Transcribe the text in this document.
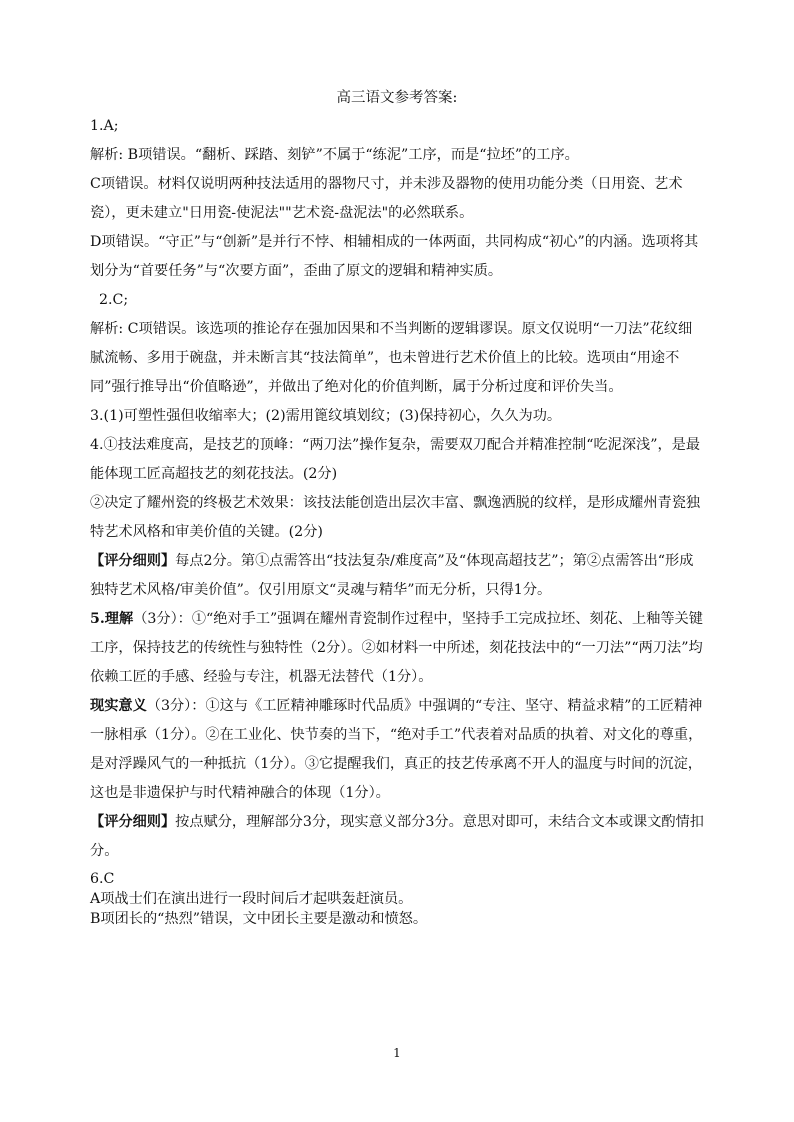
高三语文参考答案:

1.A;

解析: B项错误。“翻析、踩踏、刻铲”不属于“练泥”工序，而是“拉坯”的工序。

C项错误。材料仅说明两种技法适用的器物尺寸，并未涉及器物的使用功能分类（日用瓷、艺术瓷），更未建立"日用瓷-使泥法""艺术瓷-盘泥法"的必然联系。

D项错误。“守正”与“创新”是并行不悖、相辅相成的一体两面，共同构成“初心”的内涵。选项将其划分为“首要任务”与“次要方面”，歪曲了原文的逻辑和精神实质。

2.C;

解析: C项错误。该选项的推论存在强加因果和不当判断的逻辑谬误。原文仅说明“一刀法”花纹细腻流畅、多用于碗盘，并未断言其“技法简单”，也未曾进行艺术价值上的比较。选项由“用途不同”强行推导出“价值略逊”，并做出了绝对化的价值判断，属于分析过度和评价失当。

3.(1)可塑性强但收缩率大；(2)需用篦纹填划纹；(3)保持初心，久久为功。

4.①技法难度高，是技艺的顶峰：“两刀法”操作复杂，需要双刀配合并精准控制“吃泥深浅”，是最能体现工匠高超技艺的刻花技法。(2分)

②决定了耀州瓷的终极艺术效果：该技法能创造出层次丰富、飘逸洒脱的纹样，是形成耀州青瓷独特艺术风格和审美价值的关键。(2分)

【评分细则】每点2分。第①点需答出“技法复杂/难度高”及“体现高超技艺”；第②点需答出“形成独特艺术风格/审美价值”。仅引用原文“灵魂与精华”而无分析，只得1分。

5.理解（3分）：①“绝对手工”强调在耀州青瓷制作过程中，坚持手工完成拉坯、刻花、上釉等关键工序，保持技艺的传统性与独特性（2分）。②如材料一中所述，刻花技法中的“一刀法”“两刀法”均依赖工匠的手感、经验与专注，机器无法替代（1分）。

现实意义（3分）：①这与《工匠精神雕琢时代品质》中强调的“专注、坚守、精益求精”的工匠精神一脉相承（1分）。②在工业化、快节奏的当下，“绝对手工”代表着对品质的执着、对文化的尊重，是对浮躁风气的一种抵抗（1分）。③它提醒我们，真正的技艺传承离不开人的温度与时间的沉淀，这也是非遗保护与时代精神融合的体现（1分）。

【评分细则】按点赋分，理解部分3分，现实意义部分3分。意思对即可，未结合文本或课文酌情扣分。

6.C

A项战士们在演出进行一段时间后才起哄轰赶演员。

B项团长的“热烈”错误，文中团长主要是激动和愤怒。

1
